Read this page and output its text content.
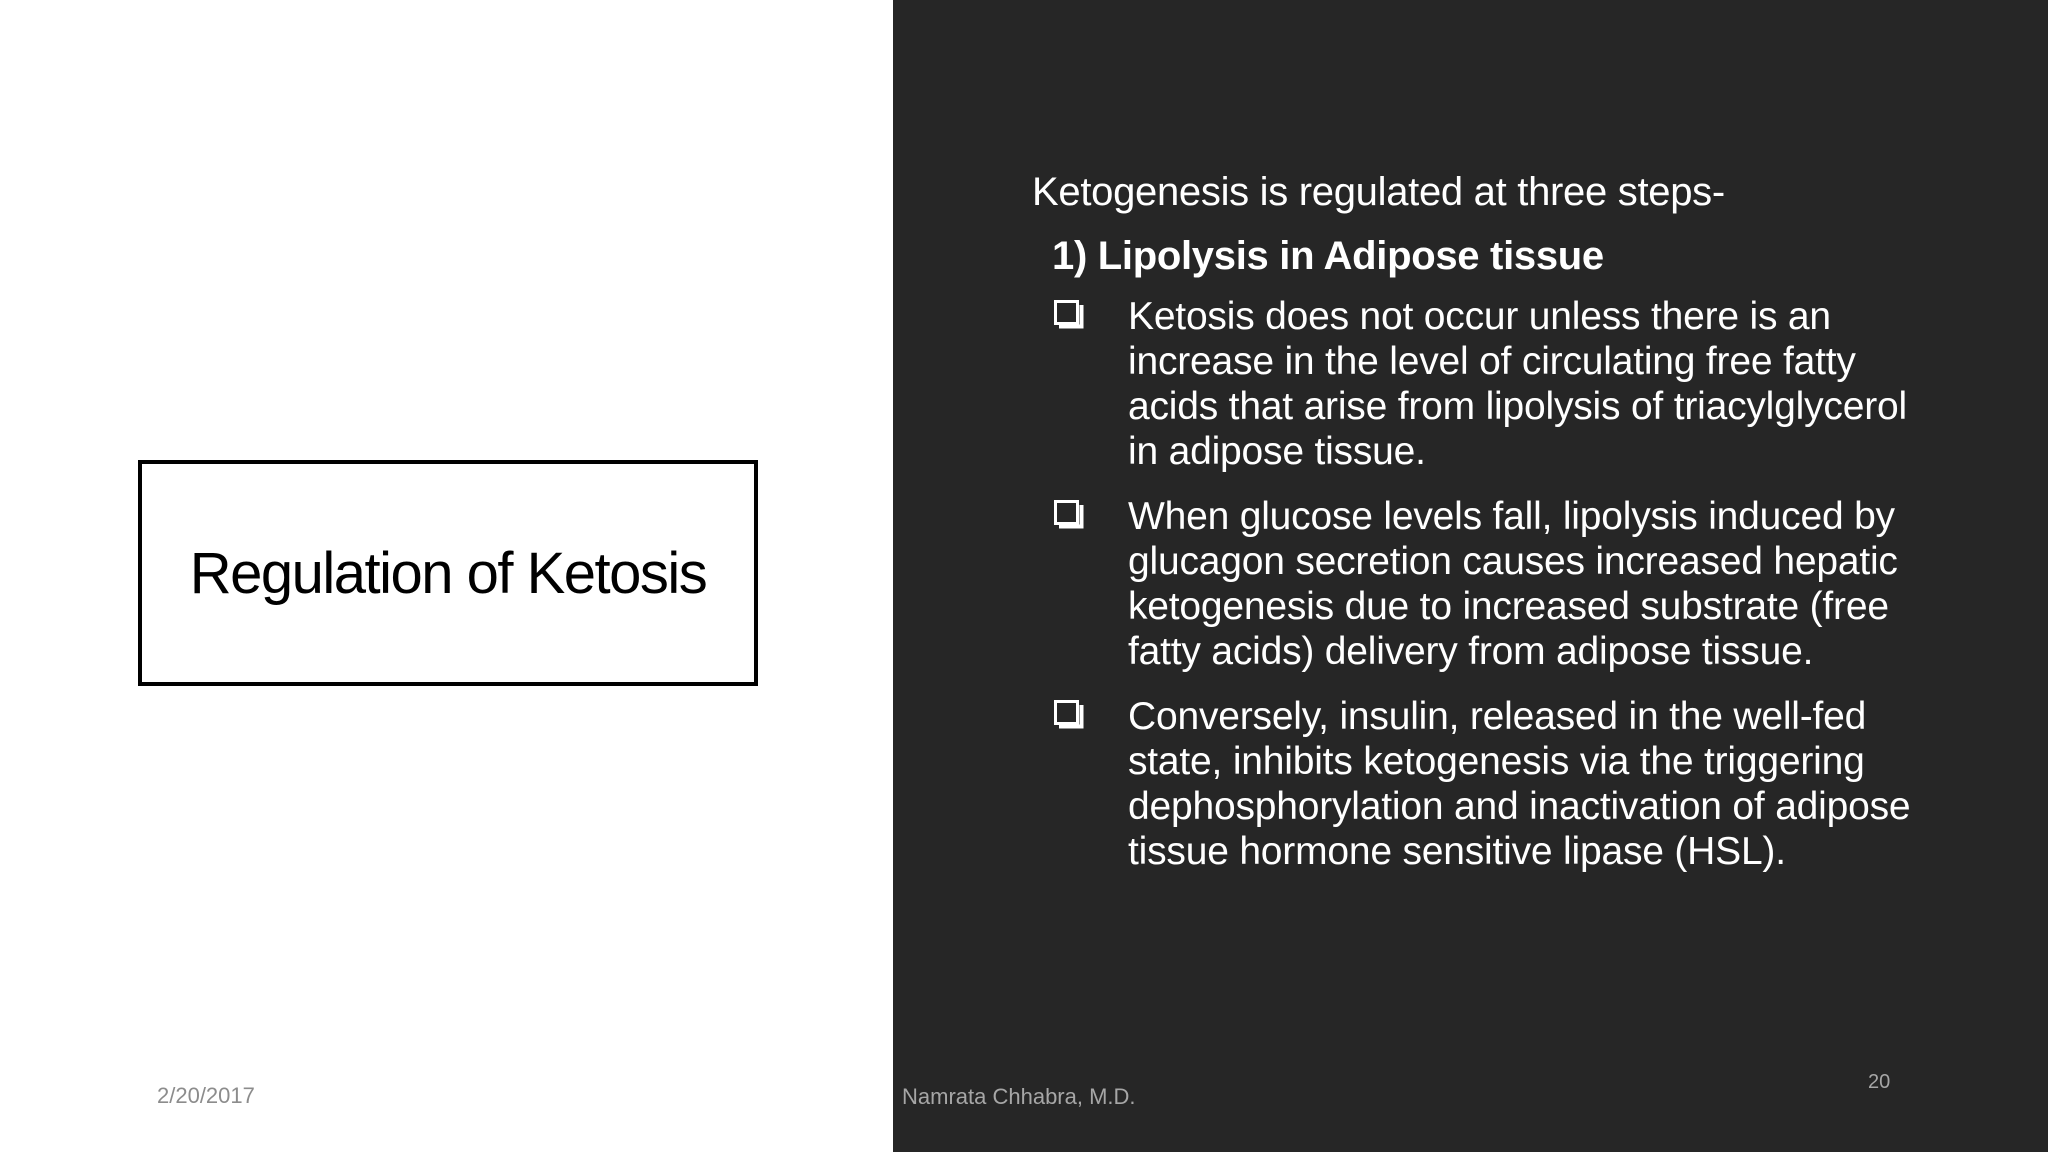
Regulation of Ketosis

Ketogenesis is regulated at three steps-

1) Lipolysis in Adipose tissue

Ketosis does not occur unless there is an increase in the level of circulating free fatty acids that arise from lipolysis of triacylglycerol in adipose tissue.
When glucose levels fall, lipolysis induced by glucagon secretion causes increased hepatic ketogenesis due to increased substrate (free fatty acids) delivery from adipose tissue.
Conversely, insulin, released in the well-fed state, inhibits ketogenesis via the triggering dephosphorylation and inactivation of adipose tissue hormone sensitive lipase (HSL).
2/20/2017	Namrata Chhabra, M.D.
20
